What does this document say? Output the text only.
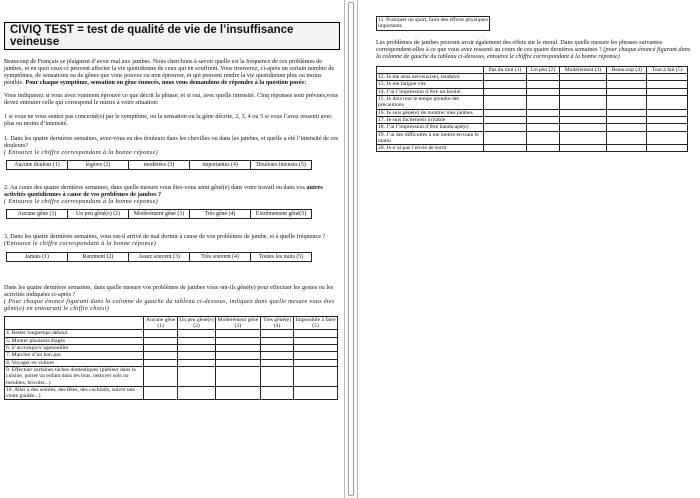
CIVIQ TEST = test de qualité de vie de l’insuffisance veineuse

Beaucoup de Français se plaignent d’avoir mal aux jambes. Nous cherchons à savoir quelle est la fréquence de ces problèmes de jambes, et en quoi ceux-ci peuvent affecter la vie quotidienne de ceux qui en souffrent. Vous trouverez, ci-après un certain nombre de symptômes, de sensations ou de gênes que vous pouvez ou non éprouver, et qui peuvent rendre la vie quotidienne plus ou moins pénible. Pour chaque symptôme, sensation ou gêne énoncés, nous vous demandons de répondre à la question posée:

Vous indiquerez si vous avez vraiment éprouvé ce que décrit la phrase, et si oui, avec quelle intensité. Cinq réponses sont prévues,vous devez entourer celle qui correspond le mieux à votre situation:

1 si vous ne vous sentez pas concerné(e) par le symptôme, ou la sensation ou la gêne décrite, 2, 3, 4 ou 5 si vous l’avez ressenti avec plus ou moins d’intensité.

1. Dans les quatre dernières semaines, avez-vous eu des douleurs dans les chevilles ou dans les jambes, et quelle a été l’intensité de ces douleurs?

( Entourez le chiffre correspondant à la bonne réponse)

Aucune douleur (1)	légères (2)	modérées (3)	importantes (4)	Douleurs intenses (5)

2. Au cours des quatre dernières semaines, dans quelle mesure vous êtes-vous senti gêné(e) dans votre travail ou dans vos autres activités quotidiennes à cause de vos problèmes de jambes ?

( Entourez le chiffre correspondant à la bonne réponse)

Aucune gêne (1)	Un peu gêné(e) (2)	Modérément gêné (3)	Très gêné (4)	Extrêmement gêné(5)

3, Dans les quatre dernières semaines, vous est-il arrivé de mal dormir à cause de vos problèmes de jambe, et à quelle fréquence ?

(Entourez le chiffre correspondant à la bonne réponse)

Jamais (1)	Rarement (2)	Assez souvent (3)	Très souvent (4)	Toutes les nuits (5)

Dans les quatre dernières semaines, dans quelle mesure vos problèmes de jambes vous ont-ils gêné(e) pour effectuer les gestes ou les activités indiquées ci-après ?

( Pour chaque énoncé figurant dans la colonne de gauche du tableau ci-dessous, indiquez dans quelle mesure vous êtes gêné(e) en entourant le chiffre choisi)

	Aucune gêne (1)	Un peu gêné(e) (2)	Modérément gêné (3)	Très gêné(e) (4)	Impossible à faire (5)
4. Rester longtemps debout					
5. Monter plusieurs étages					
6. S’accroupir/s’agenouiller					
7. Marcher d’un bon pas					
8. Voyager en voiture					
9. Effectuer certaines tâches domestiques (piétiner dans la cuisine, porter un enfant dans les bras, nettoyer sols ou meubles, bricoler...)					
10. Aller à des soirées, des fêtes, des cocktails, suivre une visite guidée...)					
11. Pratiquer un sport, faire des efforts physiques importants

Les problèmes de jambes peuvent avoir également des effets sur le moral. Dans quelle mesure les phrases suivantes correspondent-elles à ce que vous avez ressenti au cours de ces quatre dernières semaines ? (pour chaque énoncé figurant dans la colonne de gauche du tableau ci-dessous, entourez le chiffre correspondant à la bonne réponse)

	Pas du tout (1)	Un peu (2)	Modérément (3)	Beaucoup (4)	Tout à fait (5)
12. Je me sens nerveux(se), tendu(e)					
13. Je me fatigue vite					
14. J’ai l’impression d’être un boulet					
15. Je dois tout le temps prendre des précautions					
16. Je suis gêné(e) de montrer mes jambes					
17. Je suis facilement irritable					
18. J’ai l’impression d’être handicapé(e)					
19. J’ai des difficultés à me mettre en train le matin					
20. Je n’ai pas l’envie de sortir					
